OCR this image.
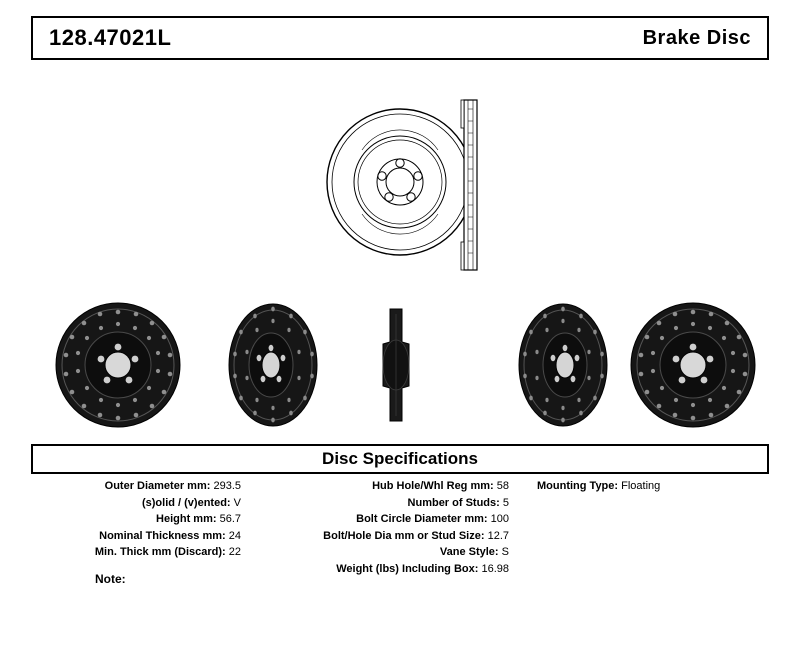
128.47021L	Brake Disc
Disc Specifications
Outer Diameter mm: 293.5
(s)olid / (v)ented: V
Height mm: 56.7
Nominal Thickness mm: 24
Min. Thick mm (Discard): 22
Hub Hole/Whl Reg mm: 58
Number of Studs: 5
Bolt Circle Diameter mm: 100
Bolt/Hole Dia mm or Stud Size: 12.7
Vane Style: S
Weight (lbs) Including Box: 16.98
Mounting Type: Floating
Note:
